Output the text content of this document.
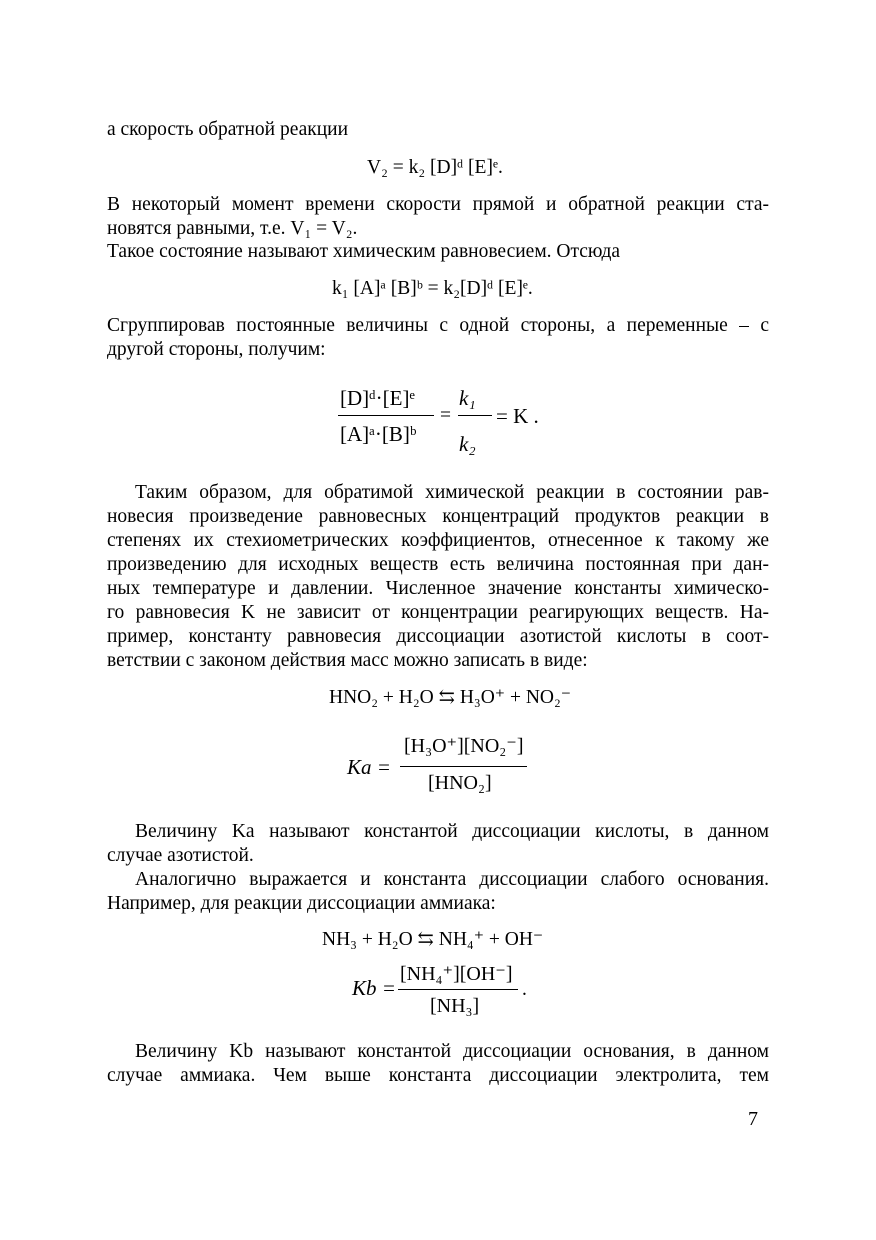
а скорость обратной реакции
V₂ = k₂ [D]ᵈ [E]ᵉ.
В некоторый момент времени скорости прямой и обратной реакции ста-
новятся равными, т.е. V₁ = V₂.
Такое состояние называют химическим равновесием. Отсюда
k₁ [A]ᵃ [B]ᵇ = k₂[D]ᵈ [E]ᵉ.
Сгруппировав постоянные величины с одной стороны, а переменные – с
другой стороны, получим:
[D]ᵈ·[E]ᵉ
[A]ᵃ·[B]ᵇ
=
k₁
k₂
= K .
Таким образом, для обратимой химической реакции в состоянии рав-
новесия произведение равновесных концентраций продуктов реакции в
степенях их стехиометрических коэффициентов, отнесенное к такому же
произведению для исходных веществ есть величина постоянная при дан-
ных температуре и давлении. Численное значение константы химическо-
го равновесия K не зависит от концентрации реагирующих веществ. На-
пример, константу равновесия диссоциации азотистой кислоты в соот-
ветствии с законом действия масс можно записать в виде:
HNO₂ + H₂O ⇆ H₃O⁺ + NO₂⁻
Ka =
[H₃O⁺][NO₂⁻]
[HNO₂]
Величину Ka называют константой диссоциации кислоты, в данном
случае азотистой.
Аналогично выражается и константа диссоциации слабого основания.
Например, для реакции диссоциации аммиака:
NH₃ + H₂O ⇆ NH₄⁺ + OH⁻
Kb =
[NH₄⁺][OH⁻]
[NH₃]
.
Величину Kb называют константой диссоциации основания, в данном
случае аммиака. Чем выше константа диссоциации электролита, тем
7
